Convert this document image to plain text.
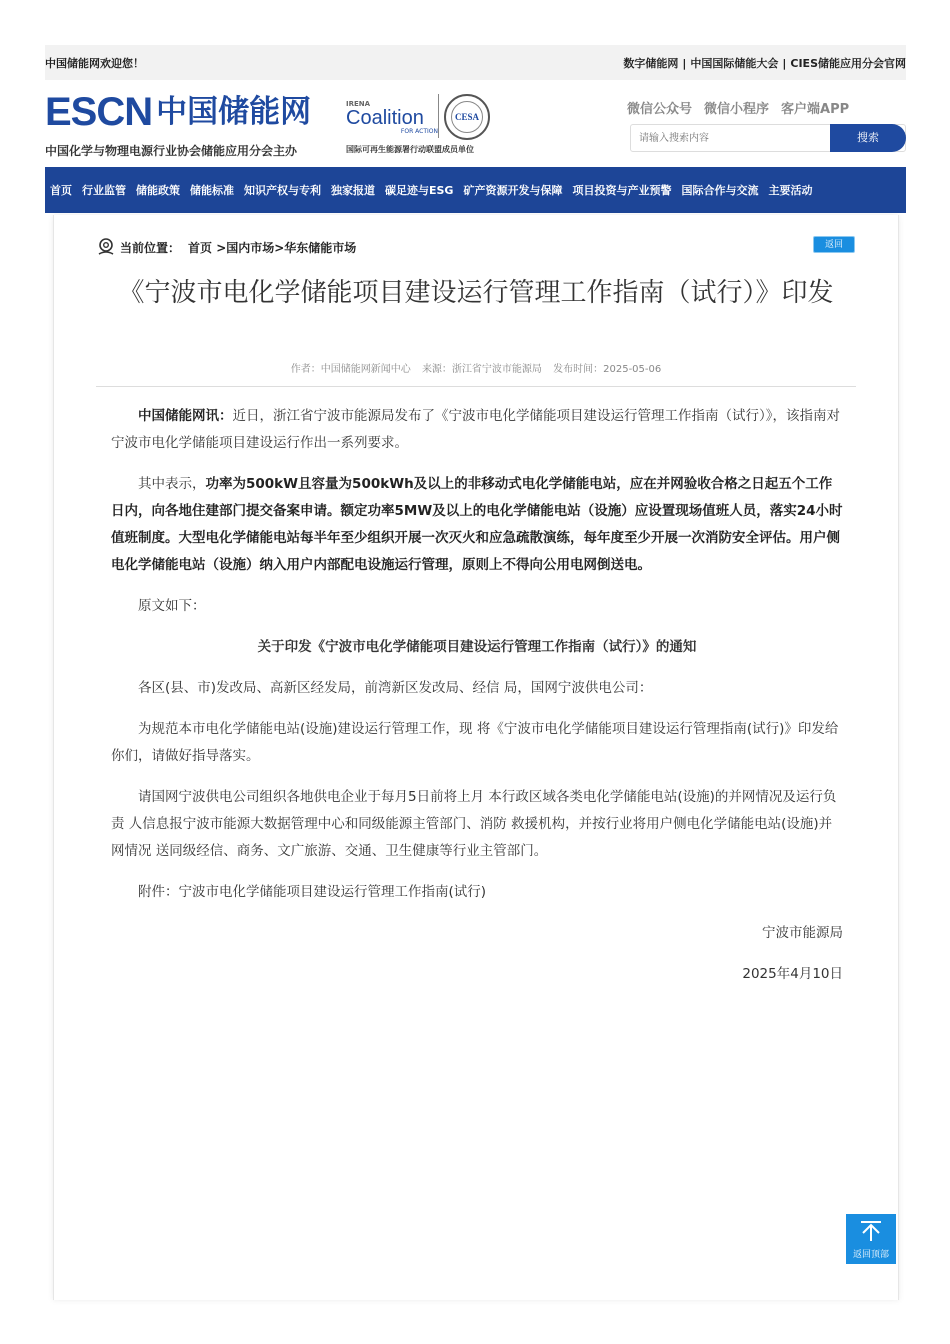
中国储能网欢迎您！	数字储能网 | 中国国际储能大会 | CIES储能应用分会官网
ESCN 中国储能网
中国化学与物理电源行业协会储能应用分会主办
IRENA
Coalition
FOR ACTION
CESA
国际可再生能源署行动联盟成员单位
微信公众号 微信小程序 客户端APP
请输入搜索内容
搜索
首页 行业监管 储能政策 储能标准 知识产权与专利 独家报道 碳足迹与ESG 矿产资源开发与保障 项目投资与产业预警 国际合作与交流 主要活动
当前位置： 首页 >国内市场>华东储能市场	返回
《宁波市电化学储能项目建设运行管理工作指南（试行）》印发
作者：中国储能网新闻中心 来源：浙江省宁波市能源局 发布时间：2025-05-06

中国储能网讯：近日，浙江省宁波市能源局发布了《宁波市电化学储能项目建设运行管理工作指南（试行）》，该指南对宁波市电化学储能项目建设运行作出一系列要求。

其中表示，功率为500kW且容量为500kWh及以上的非移动式电化学储能电站，应在并网验收合格之日起五个工作日内，向各地住建部门提交备案申请。额定功率5MW及以上的电化学储能电站（设施）应设置现场值班人员，落实24小时值班制度。大型电化学储能电站每半年至少组织开展一次灭火和应急疏散演练，每年度至少开展一次消防安全评估。用户侧电化学储能电站（设施）纳入用户内部配电设施运行管理，原则上不得向公用电网倒送电。

原文如下：

关于印发《宁波市电化学储能项目建设运行管理工作指南（试行）》的通知

各区(县、市)发改局、高新区经发局，前湾新区发改局、经信 局，国网宁波供电公司：

为规范本市电化学储能电站(设施)建设运行管理工作，现 将《宁波市电化学储能项目建设运行管理指南(试行)》印发给 你们，请做好指导落实。

请国网宁波供电公司组织各地供电企业于每月5日前将上月 本行政区域各类电化学储能电站(设施)的并网情况及运行负责 人信息报宁波市能源大数据管理中心和同级能源主管部门、消防 救援机构，并按行业将用户侧电化学储能电站(设施)并网情况 送同级经信、商务、文广旅游、交通、卫生健康等行业主管部门。

附件：宁波市电化学储能项目建设运行管理工作指南(试行)

宁波市能源局

2025年4月10日

返回顶部
